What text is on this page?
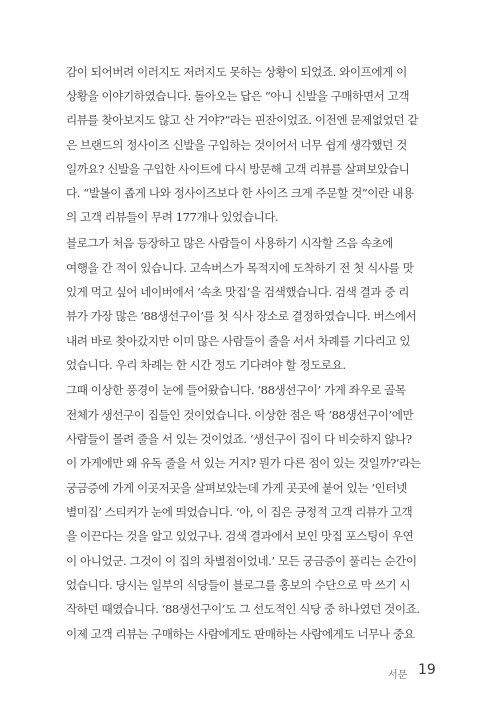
감이 되어버려 이러지도 저러지도 못하는 상황이 되었죠. 와이프에게 이
상황을 이야기하였습니다. 돌아오는 답은 “아니 신발을 구매하면서 고객
리뷰를 찾아보지도 않고 산 거야?”라는 핀잔이었죠. 이전엔 문제없었던 같
은 브랜드의 정사이즈 신발을 구입하는 것이어서 너무 쉽게 생각했던 것
일까요? 신발을 구입한 사이트에 다시 방문해 고객 리뷰를 살펴보았습니
다. “발볼이 좁게 나와 정사이즈보다 한 사이즈 크게 주문할 것”이란 내용
의 고객 리뷰들이 무려 177개나 있었습니다.
블로그가 처음 등장하고 많은 사람들이 사용하기 시작할 즈음 속초에
여행을 간 적이 있습니다. 고속버스가 목적지에 도착하기 전 첫 식사를 맛
있게 먹고 싶어 네이버에서 ‘속초 맛집’을 검색했습니다. 검색 결과 중 리
뷰가 가장 많은 ‘88생선구이’를 첫 식사 장소로 결정하였습니다. 버스에서
내려 바로 찾아갔지만 이미 많은 사람들이 줄을 서서 차례를 기다리고 있
었습니다. 우리 차례는 한 시간 정도 기다려야 할 정도로요.
그때 이상한 풍경이 눈에 들어왔습니다. ‘88생선구이’ 가게 좌우로 골목
전체가 생선구이 집들인 것이었습니다. 이상한 점은 딱 ‘88생선구이’에만
사람들이 몰려 줄을 서 있는 것이었죠. ‘생선구이 집이 다 비슷하지 않나?
이 가게에만 왜 유독 줄을 서 있는 거지? 뭔가 다른 점이 있는 것일까?’라는
궁금증에 가게 이곳저곳을 살펴보았는데 가게 곳곳에 붙어 있는 ‘인터넷
별미집’ 스티커가 눈에 띄었습니다. ‘아, 이 집은 긍정적 고객 리뷰가 고객
을 이끈다는 것을 알고 있었구나. 검색 결과에서 보인 맛집 포스팅이 우연
이 아니었군. 그것이 이 집의 차별점이었네.’ 모든 궁금증이 풀리는 순간이
었습니다. 당시는 일부의 식당들이 블로그를 홍보의 수단으로 막 쓰기 시
작하던 때였습니다. ‘88생선구이’도 그 선도적인 식당 중 하나였던 것이죠.
이제 고객 리뷰는 구매하는 사람에게도 판매하는 사람에게도 너무나 중요
서문 19
